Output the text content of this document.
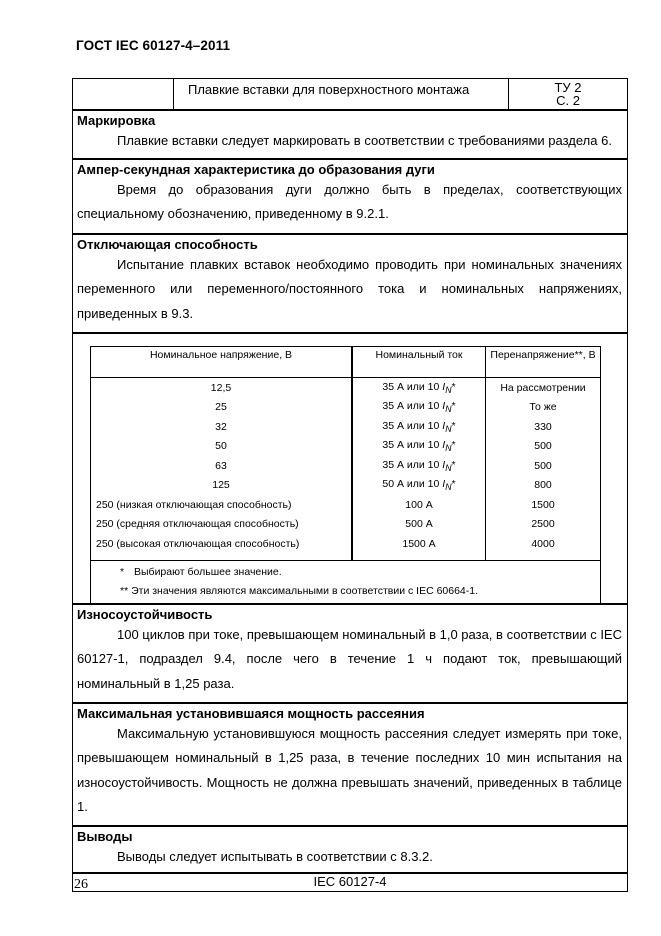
ГОСТ IEC 60127-4–2011
Плавкие вставки для поверхностного монтажа	ТУ 2
С. 2
Маркировка

Плавкие вставки следует маркировать в соответствии с требованиями раздела 6.

Ампер-секундная характеристика до образования дуги

Время до образования дуги должно быть в пределах, соответствующих специальному обозначению, приведенному в 9.2.1.

Отключающая способность

Испытание плавких вставок необходимо проводить при номинальных значениях переменного или переменного/постоянного тока и номинальных напряжениях, приведенных в 9.3.

Номинальное напряжение, В	Номинальный ток	Перенапряжение**, В
12,5	35 А или 10 $I_N*$	На рассмотрении
25	35 А или 10 $I_N*$	То же
32	35 А или 10 $I_N*$	330
50	35 А или 10 $I_N*$	500
63	35 А или 10 $I_N*$	500
125	50 А или 10 $I_N*$	800
250 (низкая отключающая способность)	100 А	1500
250 (средняя отключающая способность)	500 А	2500
250 (высокая отключающая способность)	1500 А	4000
* Выбирают большее значение.
** Эти значения являются максимальными в соответствии с IEC 60664-1.
Износоустойчивость

100 циклов при токе, превышающем номинальный в 1,0 раза, в соответствии с IEC 60127-1, подраздел 9.4, после чего в течение 1 ч подают ток, превышающий номинальный в 1,25 раза.

Максимальная установившаяся мощность рассеяния

Максимальную установившуюся мощность рассеяния следует измерять при токе, превышающем номинальный в 1,25 раза, в течение последних 10 мин испытания на износоустойчивость. Мощность не должна превышать значений, приведенных в таблице 1.

Выводы

Выводы следует испытывать в соответствии с 8.3.2.

IEC 60127-4
26
